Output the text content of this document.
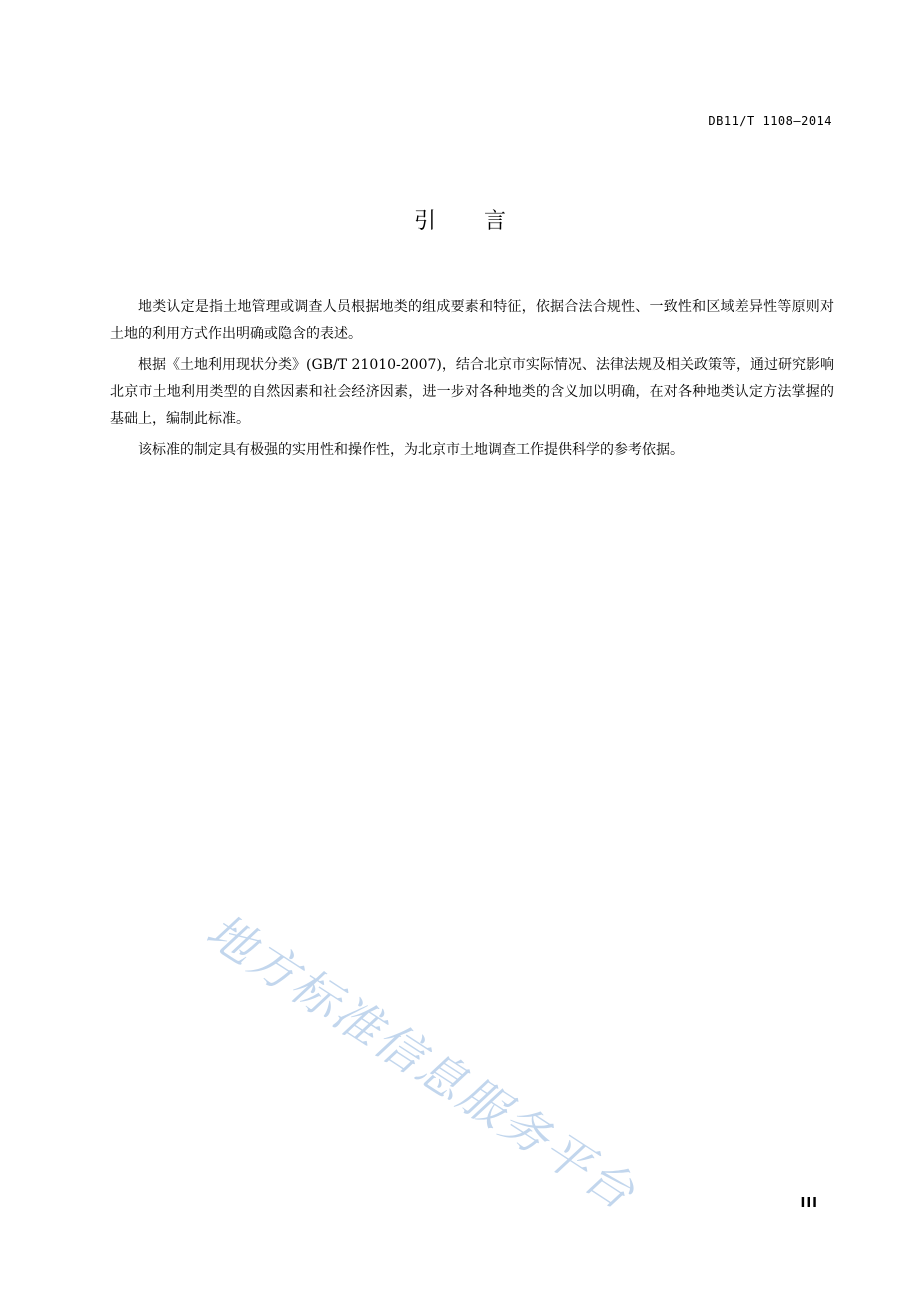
DB11/T 1108—2014
引言

地类认定是指土地管理或调查人员根据地类的组成要素和特征，依据合法合规性、一致性和区域差异性等原则对土地的利用方式作出明确或隐含的表述。

根据《土地利用现状分类》(GB/T 21010-2007)，结合北京市实际情况、法律法规及相关政策等，通过研究影响北京市土地利用类型的自然因素和社会经济因素，进一步对各种地类的含义加以明确，在对各种地类认定方法掌握的基础上，编制此标准。

该标准的制定具有极强的实用性和操作性，为北京市土地调查工作提供科学的参考依据。

地方标准信息服务平台	III
